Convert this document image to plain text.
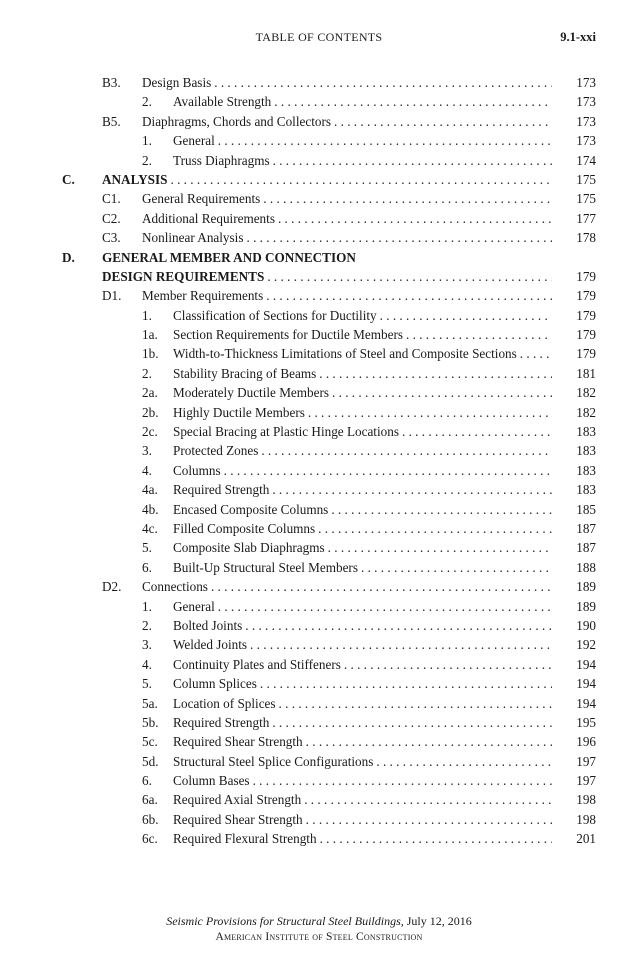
TABLE OF CONTENTS	9.1-xxi
B3. Design Basis . . .	173
2. Available Strength . . .	173
B5. Diaphragms, Chords and Collectors . . .	173
1. General . . .	173
2. Truss Diaphragms . . .	174
C. ANALYSIS . . .	175
C1. General Requirements . . .	175
C2. Additional Requirements . . .	177
C3. Nonlinear Analysis . . .	178
D. GENERAL MEMBER AND CONNECTION
DESIGN REQUIREMENTS . . .	179
D1. Member Requirements . . .	179
1. Classification of Sections for Ductility . . .	179
1a. Section Requirements for Ductile Members . . .	179
1b. Width-to-Thickness Limitations of Steel and Composite Sections . . .	179
2. Stability Bracing of Beams . . .	181
2a. Moderately Ductile Members . . .	182
2b. Highly Ductile Members . . .	182
2c. Special Bracing at Plastic Hinge Locations . . .	183
3. Protected Zones . . .	183
4. Columns . . .	183
4a. Required Strength . . .	183
4b. Encased Composite Columns . . .	185
4c. Filled Composite Columns . . .	187
5. Composite Slab Diaphragms . . .	187
6. Built-Up Structural Steel Members . . .	188
D2. Connections . . .	189
1. General . . .	189
2. Bolted Joints . . .	190
3. Welded Joints . . .	192
4. Continuity Plates and Stiffeners . . .	194
5. Column Splices . . .	194
5a. Location of Splices . . .	194
5b. Required Strength . . .	195
5c. Required Shear Strength . . .	196
5d. Structural Steel Splice Configurations . . .	197
6. Column Bases . . .	197
6a. Required Axial Strength . . .	198
6b. Required Shear Strength . . .	198
6c. Required Flexural Strength . . .	201
Seismic Provisions for Structural Steel Buildings, July 12, 2016
American Institute of Steel Construction
